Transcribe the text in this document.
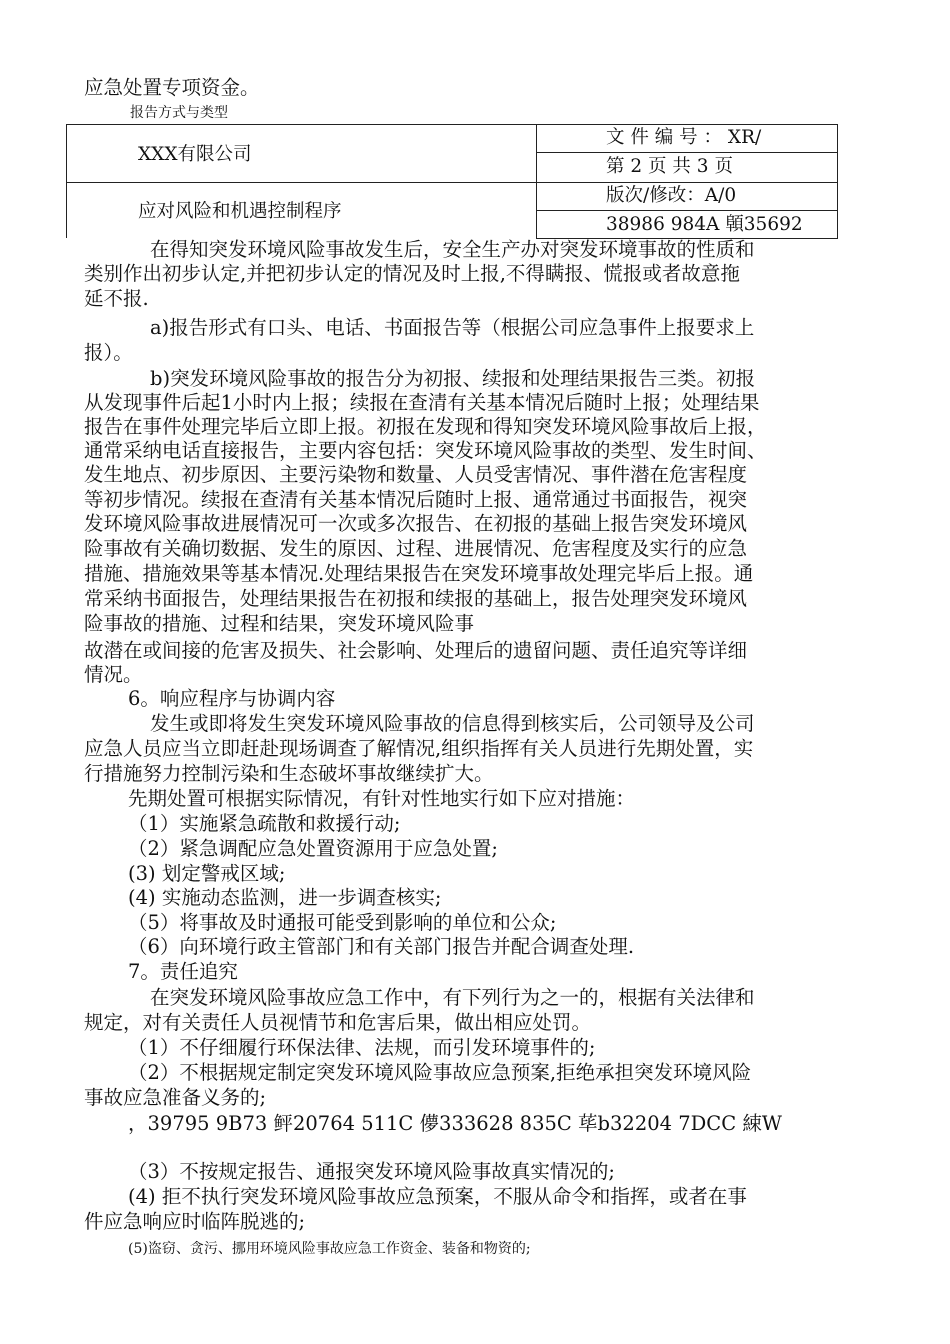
应急处置专项资金。
报告方式与类型
XXX有限公司
应对风险和机遇控制程序
文 件 编 号 ： XR/
第 2 页 共 3 页
版次/修改：A/0
38986 984A 顊35692
在得知突发环境风险事故发生后，安全生产办对突发环境事故的性质和
类别作出初步认定,并把初步认定的情况及时上报,不得瞒报、慌报或者故意拖
延不报.
a)报告形式有口头、电话、书面报告等（根据公司应急事件上报要求上
报）。
b)突发环境风险事故的报告分为初报、续报和处理结果报告三类。初报
从发现事件后起1小时内上报；续报在查清有关基本情况后随时上报；处理结果
报告在事件处理完毕后立即上报。初报在发现和得知突发环境风险事故后上报，
通常采纳电话直接报告，主要内容包括：突发环境风险事故的类型、发生时间、
发生地点、初步原因、主要污染物和数量、人员受害情况、事件潜在危害程度
等初步情况。续报在查清有关基本情况后随时上报、通常通过书面报告，视突
发环境风险事故进展情况可一次或多次报告、在初报的基础上报告突发环境风
险事故有关确切数据、发生的原因、过程、进展情况、危害程度及实行的应急
措施、措施效果等基本情况.处理结果报告在突发环境事故处理完毕后上报。通
常采纳书面报告，处理结果报告在初报和续报的基础上，报告处理突发环境风
险事故的措施、过程和结果，突发环境风险事
故潜在或间接的危害及损失、社会影响、处理后的遗留问题、责任追究等详细
情况。
6。响应程序与协调内容
发生或即将发生突发环境风险事故的信息得到核实后，公司领导及公司
应急人员应当立即赶赴现场调查了解情况,组织指挥有关人员进行先期处置，实
行措施努力控制污染和生态破坏事故继续扩大。
先期处置可根据实际情况，有针对性地实行如下应对措施：
（1）实施紧急疏散和救援行动;
（2）紧急调配应急处置资源用于应急处置;
(3) 划定警戒区域;
(4) 实施动态监测，进一步调查核实;
（5）将事故及时通报可能受到影响的单位和公众;
（6）向环境行政主管部门和有关部门报告并配合调查处理.
7。责任追究
在突发环境风险事故应急工作中，有下列行为之一的，根据有关法律和
规定，对有关责任人员视情节和危害后果，做出相应处罚。
（1）不仔细履行环保法律、法规，而引发环境事件的;
（2）不根据规定制定突发环境风险事故应急预案,拒绝承担突发环境风险
事故应急准备义务的;
，39795 9B73 鲆20764 511C 儚333628 835C 荜b32204 7DCC 綀W
（3）不按规定报告、通报突发环境风险事故真实情况的;
(4) 拒不执行突发环境风险事故应急预案，不服从命令和指挥，或者在事
件应急响应时临阵脱逃的;
(5)盗窃、贪污、挪用环境风险事故应急工作资金、装备和物资的;
